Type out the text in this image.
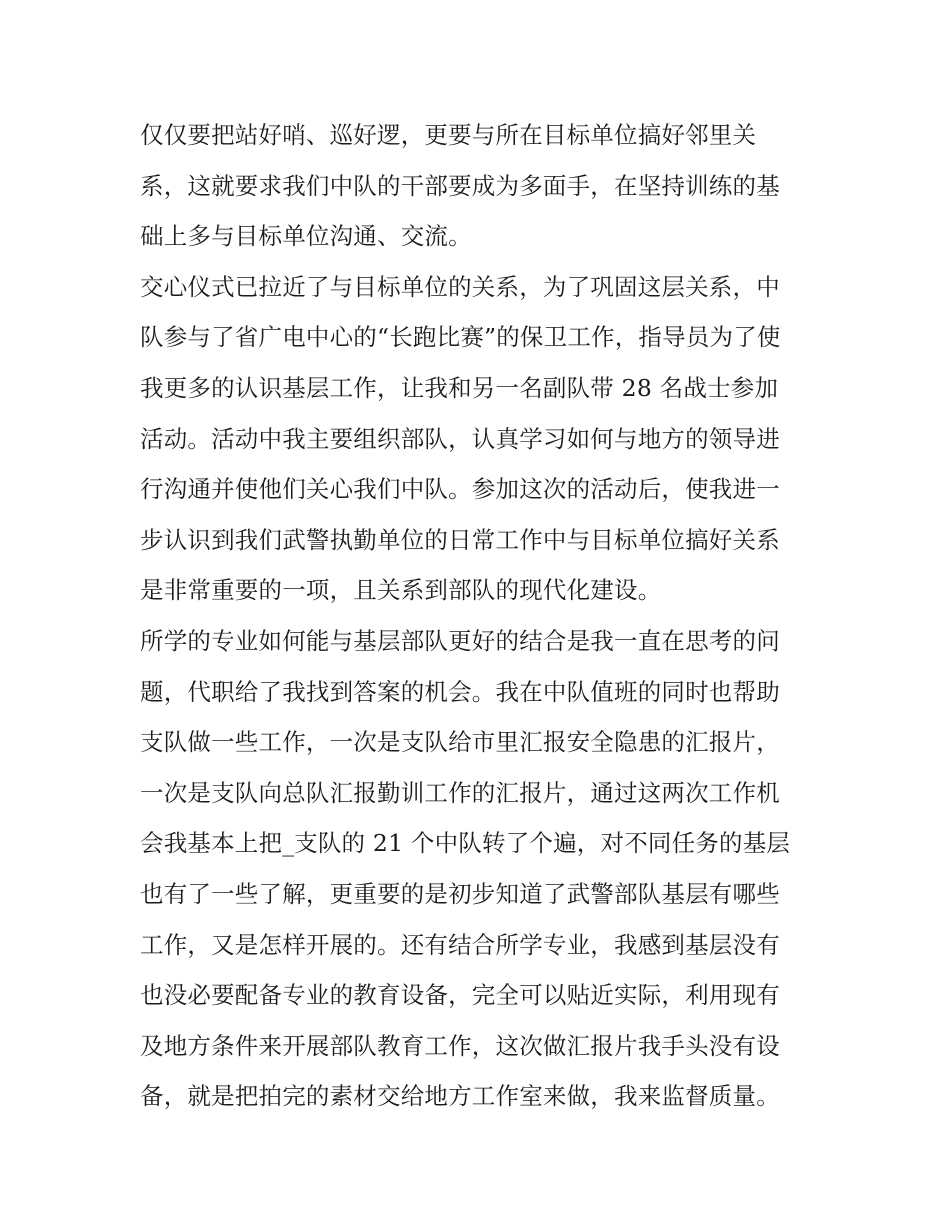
仅仅要把站好哨、巡好逻，更要与所在目标单位搞好邻里关
系，这就要求我们中队的干部要成为多面手，在坚持训练的基
础上多与目标单位沟通、交流。
交心仪式已拉近了与目标单位的关系，为了巩固这层关系，中
队参与了省广电中心的“长跑比赛”的保卫工作，指导员为了使
我更多的认识基层工作，让我和另一名副队带 28 名战士参加
活动。活动中我主要组织部队，认真学习如何与地方的领导进
行沟通并使他们关心我们中队。参加这次的活动后，使我进一
步认识到我们武警执勤单位的日常工作中与目标单位搞好关系
是非常重要的一项，且关系到部队的现代化建设。
所学的专业如何能与基层部队更好的结合是我一直在思考的问
题，代职给了我找到答案的机会。我在中队值班的同时也帮助
支队做一些工作，一次是支队给市里汇报安全隐患的汇报片，
一次是支队向总队汇报勤训工作的汇报片，通过这两次工作机
会我基本上把_支队的 21 个中队转了个遍，对不同任务的基层
也有了一些了解，更重要的是初步知道了武警部队基层有哪些
工作，又是怎样开展的。还有结合所学专业，我感到基层没有
也没必要配备专业的教育设备，完全可以贴近实际，利用现有
及地方条件来开展部队教育工作，这次做汇报片我手头没有设
备，就是把拍完的素材交给地方工作室来做，我来监督质量。
